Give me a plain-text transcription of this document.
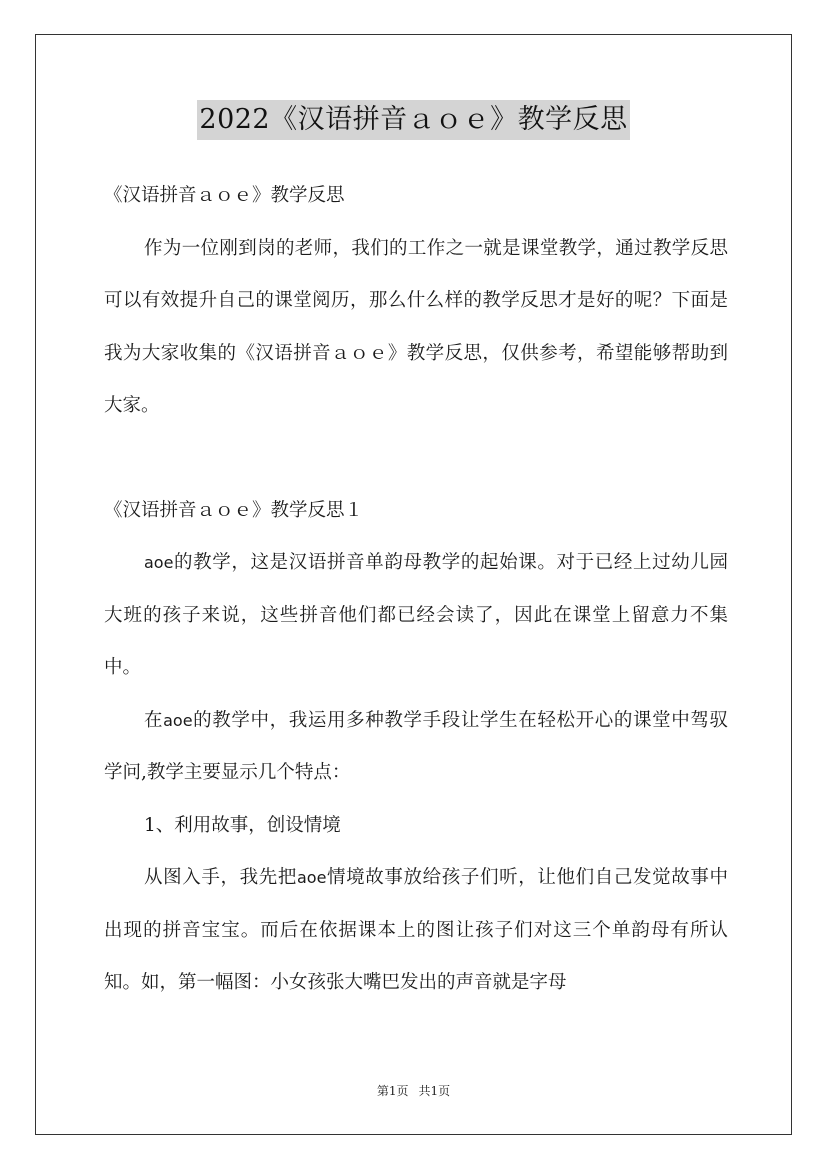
2022《汉语拼音ａｏｅ》教学反思

《汉语拼音ａｏｅ》教学反思

作为一位刚到岗的老师，我们的工作之一就是课堂教学，通过教学反思可以有效提升自己的课堂阅历，那么什么样的教学反思才是好的呢？下面是我为大家收集的《汉语拼音ａｏｅ》教学反思，仅供参考，希望能够帮助到大家。

《汉语拼音ａｏｅ》教学反思１

aoe的教学，这是汉语拼音单韵母教学的起始课。对于已经上过幼儿园大班的孩子来说，这些拼音他们都已经会读了，因此在课堂上留意力不集中。

在aoe的教学中，我运用多种教学手段让学生在轻松开心的课堂中驾驭学问,教学主要显示几个特点：

1、利用故事，创设情境

从图入手，我先把aoe情境故事放给孩子们听，让他们自己发觉故事中出现的拼音宝宝。而后在依据课本上的图让孩子们对这三个单韵母有所认知。如，第一幅图：小女孩张大嘴巴发出的声音就是字母

第1页 共1页
